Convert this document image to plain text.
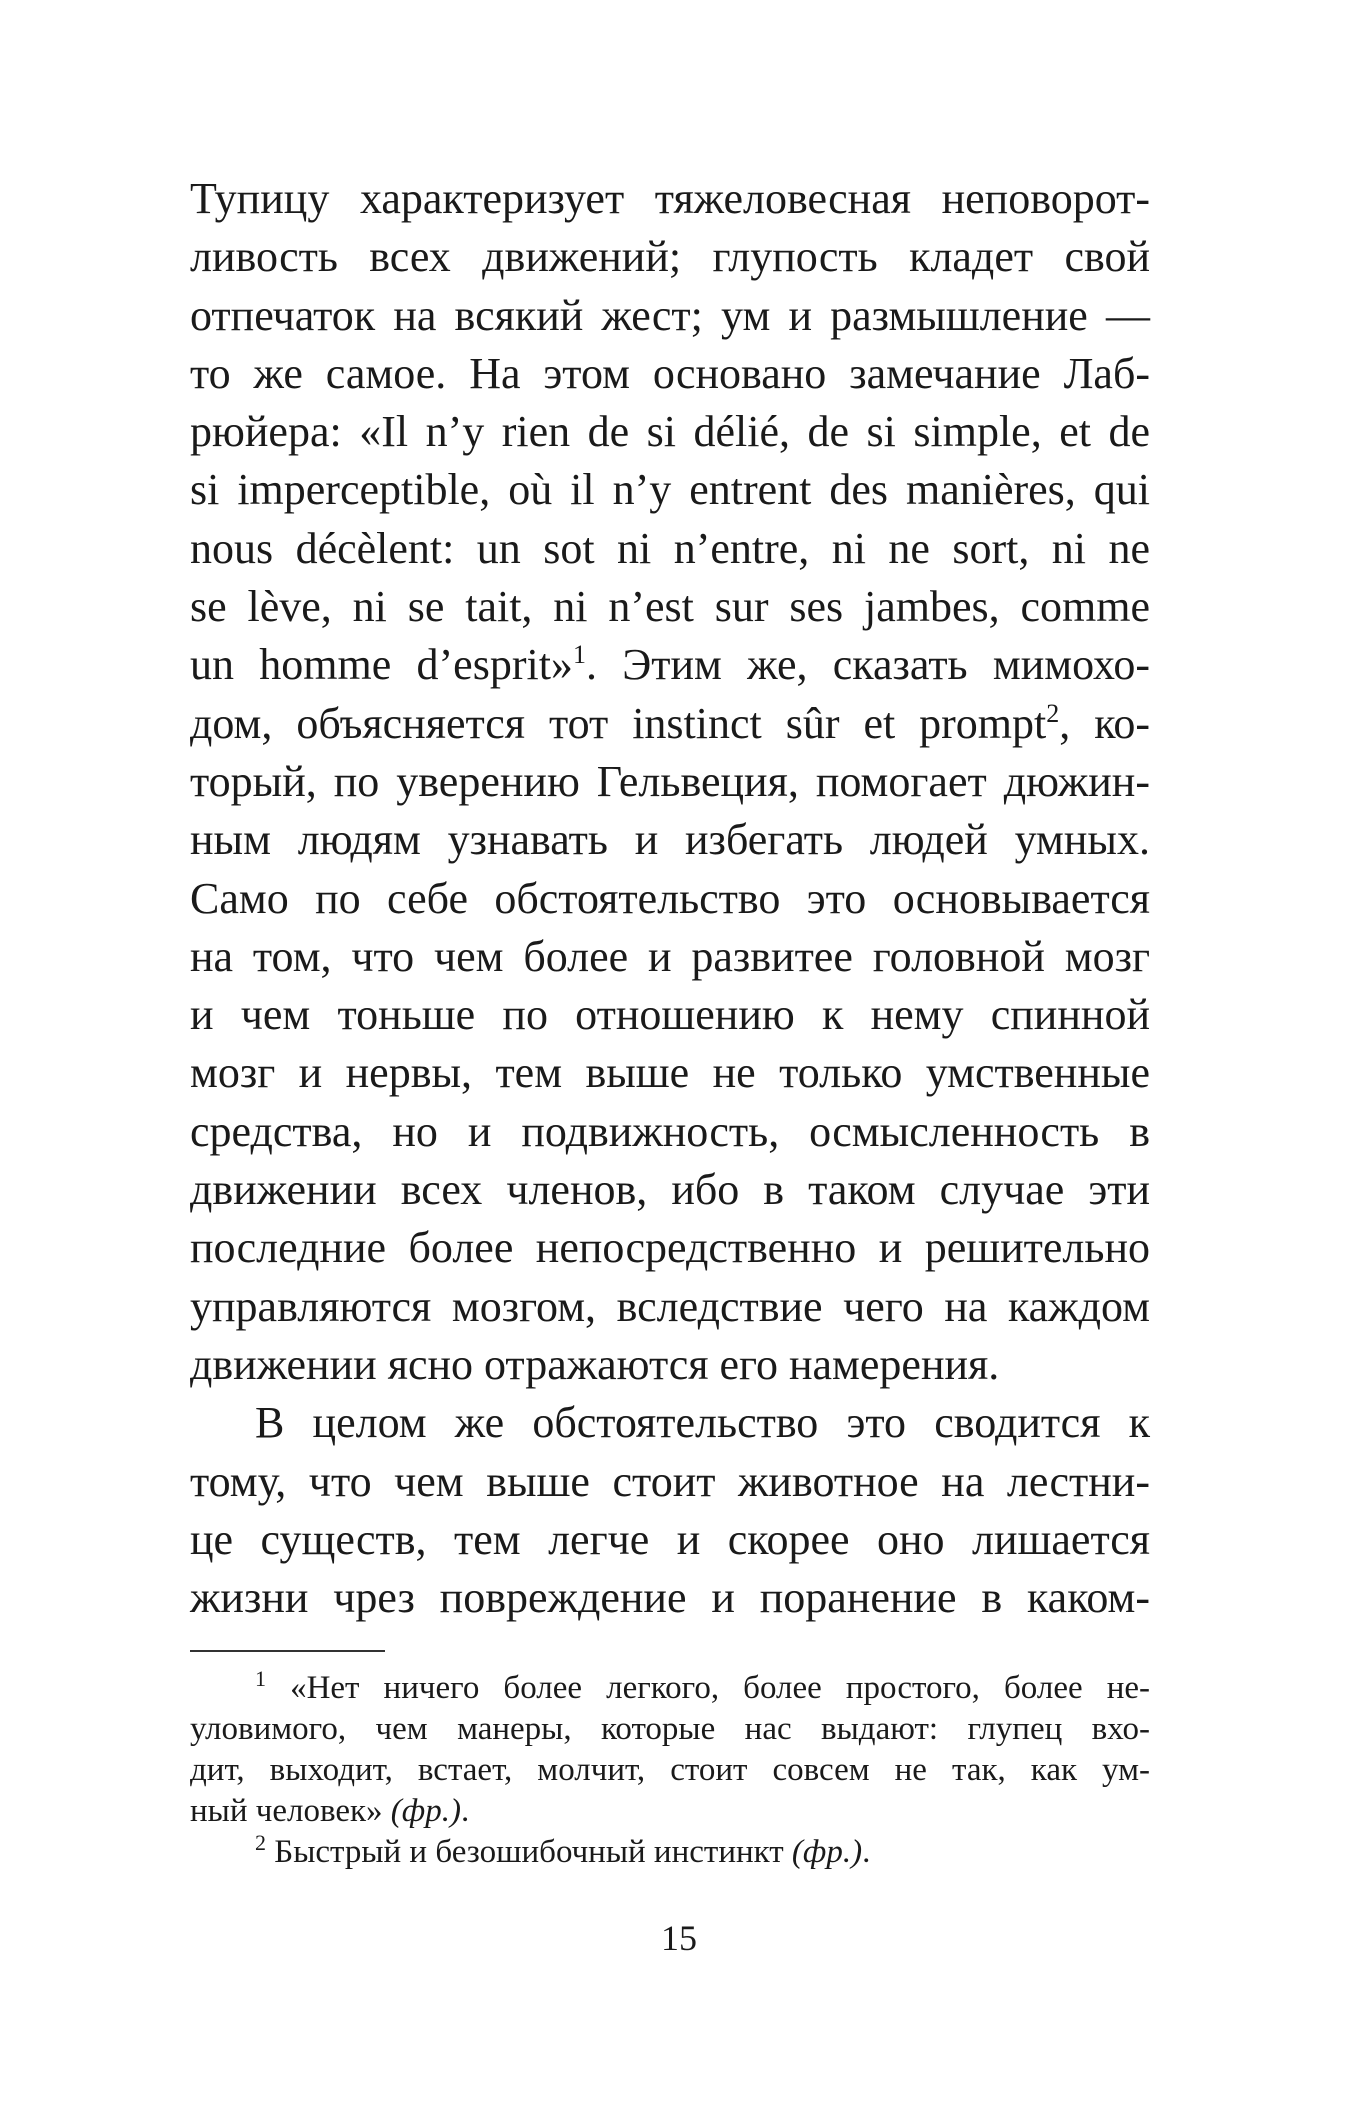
Тупицу характеризует тяжеловесная неповорот-
ливость всех движений; глупость кладет свой
отпечаток на всякий жест; ум и размышление —
то же самое. На этом основано замечание Лаб-
рюйера: «Il n’y rien de si délié, de si simple, et de
si imperceptible, où il n’y entrent des manières, qui
nous décèlent: un sot ni n’entre, ni ne sort, ni ne
se lève, ni se tait, ni n’est sur ses jambes, comme
un homme d’esprit»$^1$. Этим же, сказать мимохо-
дом, объясняется тот instinct sûr et prompt$^2$, ко-
торый, по уверению Гельвеция, помогает дюжин-
ным людям узнавать и избегать людей умных.
Само по себе обстоятельство это основывается
на том, что чем более и развитее головной мозг
и чем тоньше по отношению к нему спинной
мозг и нервы, тем выше не только умственные
средства, но и подвижность, осмысленность в
движении всех членов, ибо в таком случае эти
последние более непосредственно и решительно
управляются мозгом, вследствие чего на каждом
движении ясно отражаются его намерения.
В целом же обстоятельство это сводится к
тому, что чем выше стоит животное на лестни-
це существ, тем легче и скорее оно лишается
жизни чрез повреждение и поранение в каком-
$^1$ «Нет ничего более легкого, более простого, более не-
уловимого, чем манеры, которые нас выдают: глупец вхо-
дит, выходит, встает, молчит, стоит совсем не так, как ум-
ный человек» (фр.).
$^2$ Быстрый и безошибочный инстинкт (фр.).
15
